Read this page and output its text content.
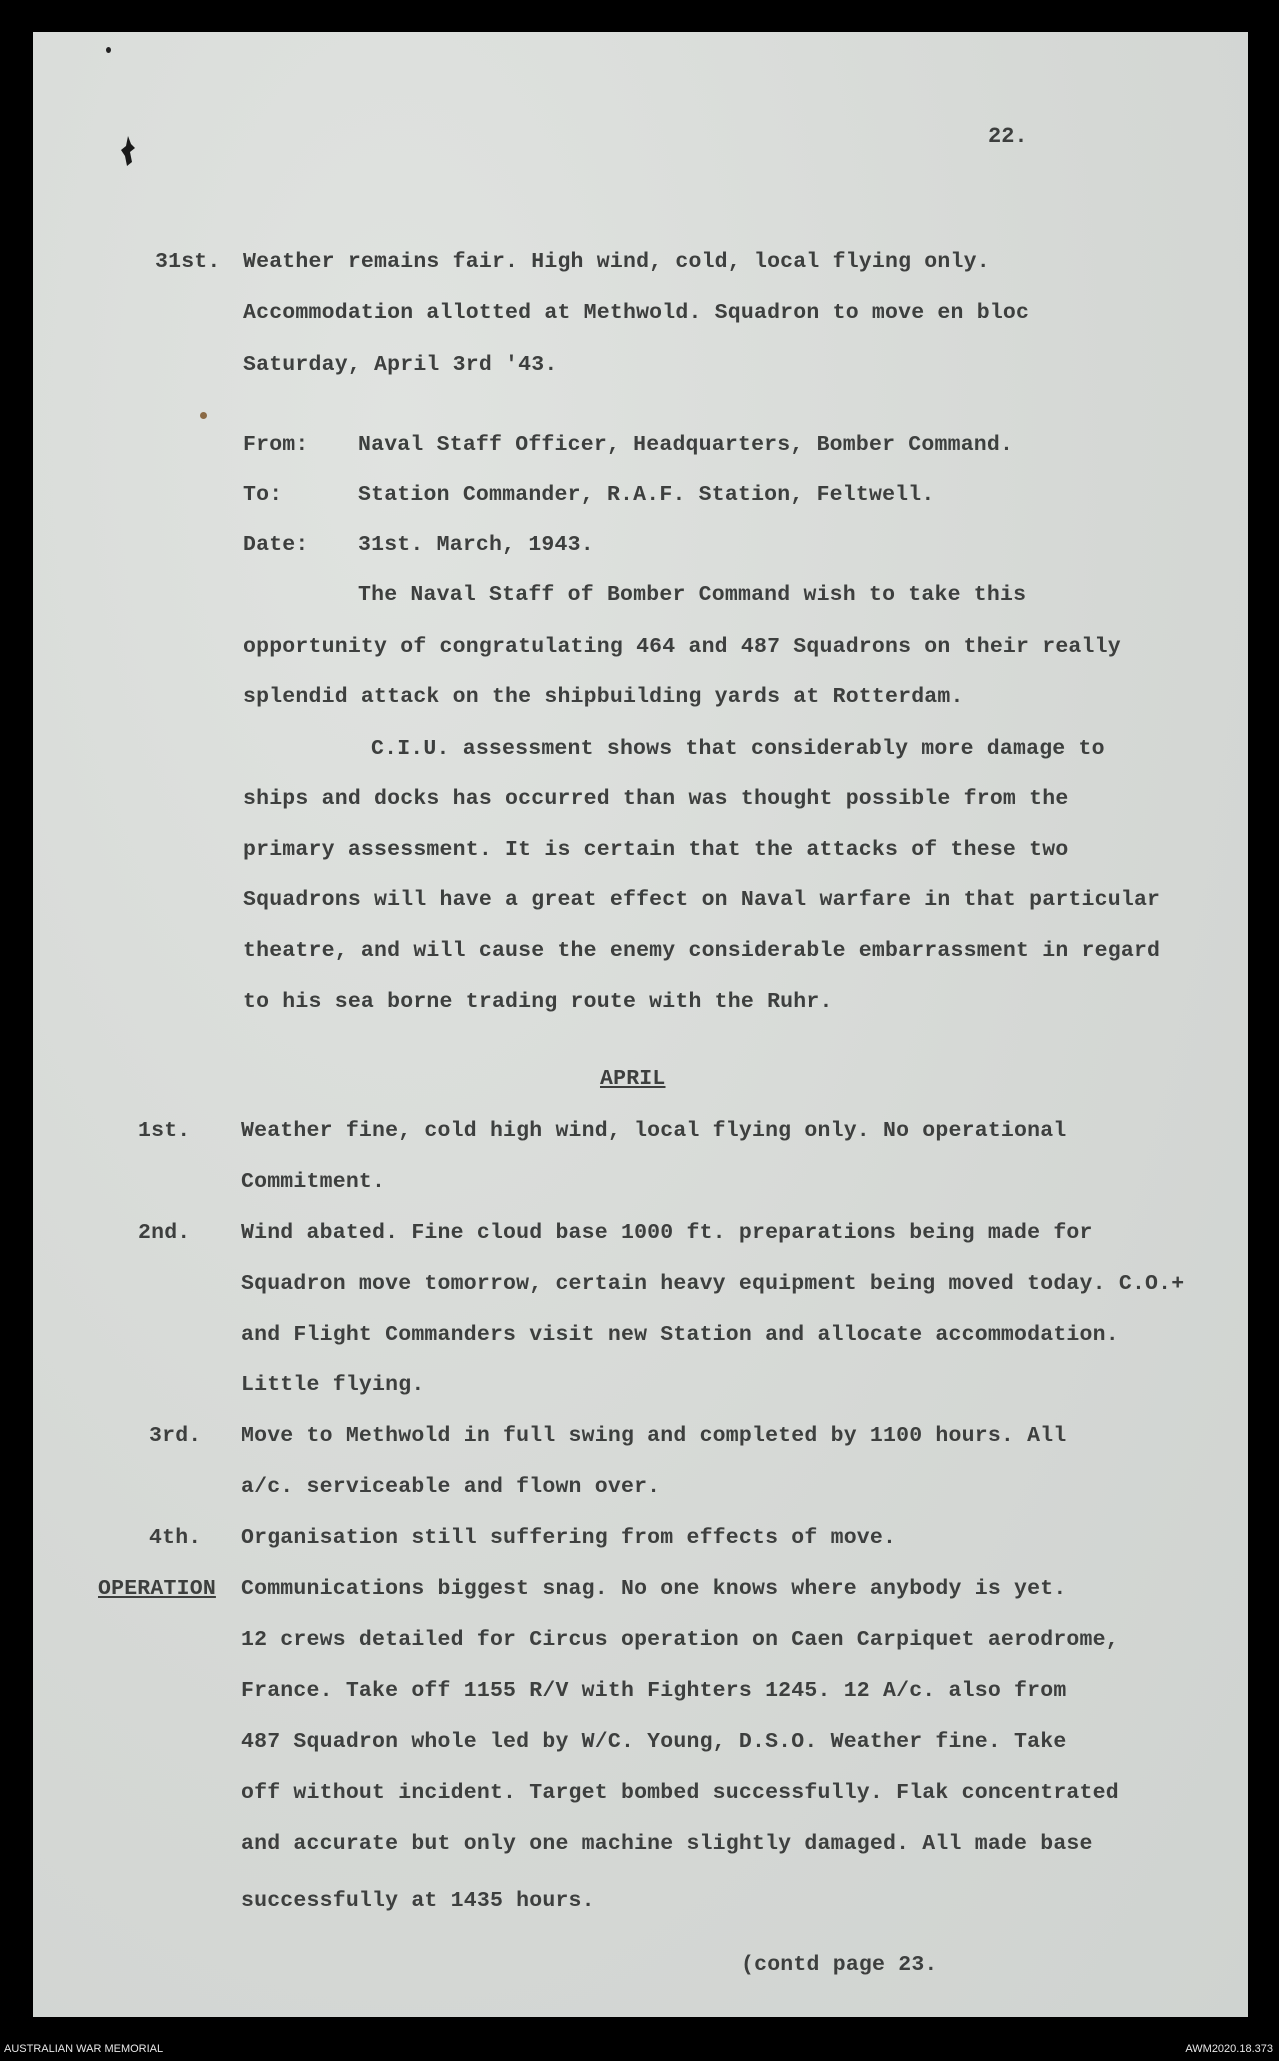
22.
31st. Weather remains fair. High wind, cold, local flying only.
Accommodation allotted at Methwold. Squadron to move en bloc
Saturday, April 3rd '43.
From: Naval Staff Officer, Headquarters, Bomber Command.
To:	Station Commander, R.A.F. Station, Feltwell.
Date: 31st. March, 1943.
The Naval Staff of Bomber Command wish to take this
opportunity of congratulating 464 and 487 Squadrons on their really
splendid attack on the shipbuilding yards at Rotterdam.
C.I.U. assessment shows that considerably more damage to
ships and docks has occurred than was thought possible from the
primary assessment. It is certain that the attacks of these two
Squadrons will have a great effect on Naval warfare in that particular
theatre, and will cause the enemy considerable embarrassment in regard
to his sea borne trading route with the Ruhr.
APRIL
1st. Weather fine, cold high wind, local flying only. No operational
Commitment.
2nd. Wind abated. Fine cloud base 1000 ft. preparations being made for
Squadron move tomorrow, certain heavy equipment being moved today. C.O.+
and Flight Commanders visit new Station and allocate accommodation.
Little flying.
3rd. Move to Methwold in full swing and completed by 1100 hours. All
a/c. serviceable and flown over.
4th. Organisation still suffering from effects of move.
OPERATION Communications biggest snag. No one knows where anybody is yet.
12 crews detailed for Circus operation on Caen Carpiquet aerodrome,
France. Take off 1155 R/V with Fighters 1245. 12 A/c. also from
487 Squadron whole led by W/C. Young, D.S.O. Weather fine. Take
off without incident. Target bombed successfully. Flak concentrated
and accurate but only one machine slightly damaged. All made base
successfully at 1435 hours.
(contd page 23.
AUSTRALIAN WAR MEMORIAL	AWM2020.18.373
